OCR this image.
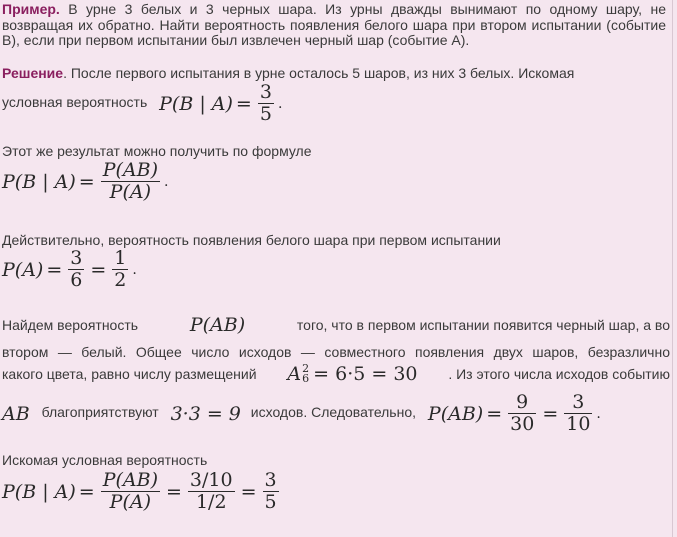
Пример. В урне 3 белых и 3 черных шара. Из урны дважды вынимают по одному шару, не возвращая их обратно. Найти вероятность появления белого шара при втором испытании (событие B), если при первом испытании был извлечен черный шар (событие А).
Решение. После первого испытания в урне осталось 5 шаров, из них 3 белых. Искомая
условная вероятность P(B | $A) = \frac{3}{5}$ .
Этот же результат можно получить по формуле
P(B | $A) = \frac{P(AB)}{P(A)}$ .
Действительно, вероятность появления белого шара при первом испытании
$P(A) = \frac{3}{6} = \frac{1}{2}$ .
Найдем вероятность	P(AB)	того, что в первом испытании появится черный шар, а во
втором — белый. Общее число исходов — совместного появления двух шаров, безразлично
какого цвета, равно числу размещений A 2
6 = 6·5 = 30 . Из этого числа исходов событию
AB благоприятствуют 3·3 = 9 исходов. Следовательно, $P(AB) = \frac{9}{30} = \frac{3}{10}$ .
Искомая условная вероятность
P(B | $A) = \frac{P(AB)}{P(A)} = \frac{3/10}{1/2} = \frac{3}{5}$
